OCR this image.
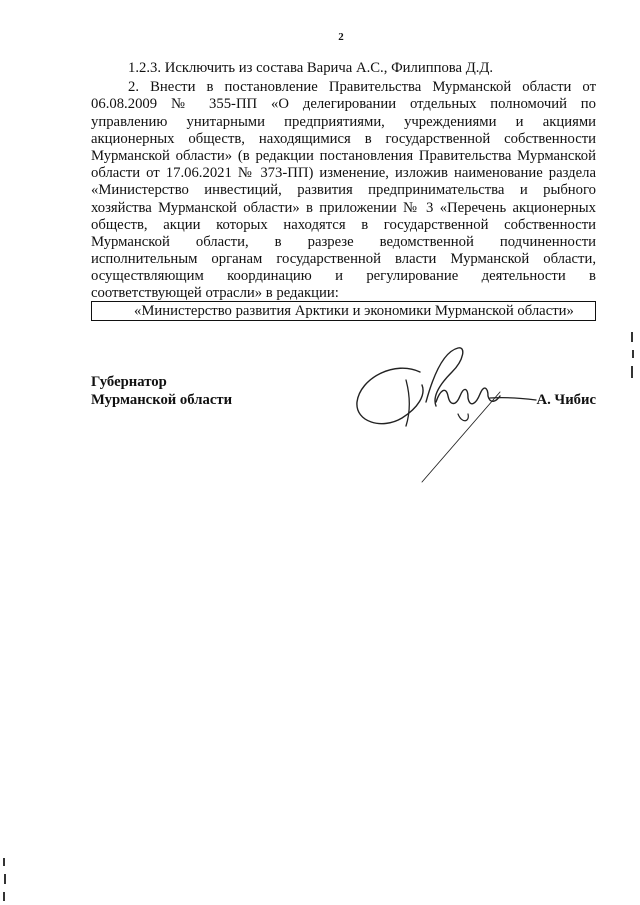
2
1.2.3. Исключить из состава Варича А.С., Филиппова Д.Д.
2. Внести в постановление Правительства Мурманской области от
06.08.2009 № 355-ПП «О делегировании отдельных полномочий по
управлению унитарными предприятиями, учреждениями и акциями
акционерных обществ, находящимися в государственной собственности
Мурманской области» (в редакции постановления Правительства Мурманской
области от 17.06.2021 № 373-ПП) изменение, изложив наименование раздела
«Министерство инвестиций, развития предпринимательства и рыбного
хозяйства Мурманской области» в приложении № 3 «Перечень акционерных
обществ, акции которых находятся в государственной собственности
Мурманской области, в разрезе ведомственной подчиненности
исполнительным органам государственной власти Мурманской области,
осуществляющим координацию и регулирование деятельности в
соответствующей отрасли» в редакции:
«Министерство развития Арктики и экономики Мурманской области»
Губернатор
Мурманской области	А. Чибис
